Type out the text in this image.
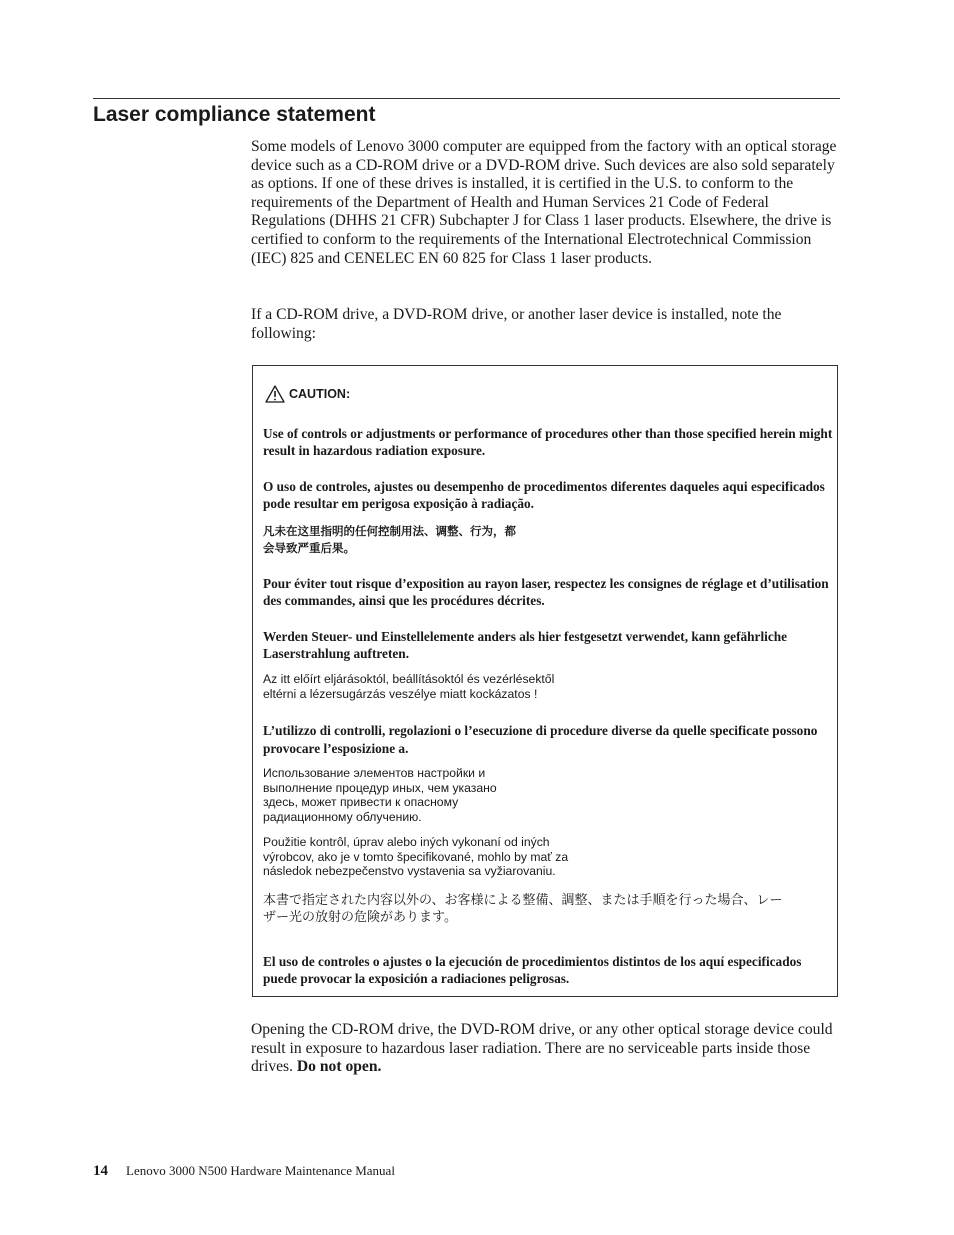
Laser compliance statement

Some models of Lenovo 3000 computer are equipped from the factory with an optical storage device such as a CD-ROM drive or a DVD-ROM drive. Such devices are also sold separately as options. If one of these drives is installed, it is certified in the U.S. to conform to the requirements of the Department of Health and Human Services 21 Code of Federal Regulations (DHHS 21 CFR) Subchapter J for Class 1 laser products. Elsewhere, the drive is certified to conform to the requirements of the International Electrotechnical Commission (IEC) 825 and CENELEC EN 60 825 for Class 1 laser products.

If a CD-ROM drive, a DVD-ROM drive, or another laser device is installed, note the following:

CAUTION:

Use of controls or adjustments or performance of procedures other than those specified herein might result in hazardous radiation exposure.

O uso de controles, ajustes ou desempenho de procedimentos diferentes daqueles aqui especificados pode resultar em perigosa exposição à radiação.

凡未在这里指明的任何控制用法、调整、行为，都会导致严重后果。

Pour éviter tout risque d’exposition au rayon laser, respectez les consignes de réglage et d’utilisation des commandes, ainsi que les procédures décrites.

Werden Steuer- und Einstellelemente anders als hier festgesetzt verwendet, kann gefährliche Laserstrahlung auftreten.

Az itt előírt eljárásoktól, beállításoktól és vezérlésektől eltérni a lézersugárzás veszélye miatt kockázatos !

L’utilizzo di controlli, regolazioni o l’esecuzione di procedure diverse da quelle specificate possono provocare l’esposizione a.

Использование элементов настройки и выполнение процедур иных, чем указано здесь, может привести к опасному радиационному облучению.

Použitie kontrôl, úprav alebo iných vykonaní od iných výrobcov, ako je v tomto špecifikované, mohlo by mať za následok nebezpečenstvo vystavenia sa vyžiarovaniu.

本書で指定された内容以外の、お客様による整備、調整、または手順を行った場合、レーザー光の放射の危険があります。

El uso de controles o ajustes o la ejecución de procedimientos distintos de los aquí especificados puede provocar la exposición a radiaciones peligrosas.

Opening the CD-ROM drive, the DVD-ROM drive, or any other optical storage device could result in exposure to hazardous laser radiation. There are no serviceable parts inside those drives. Do not open.

14 Lenovo 3000 N500 Hardware Maintenance Manual
